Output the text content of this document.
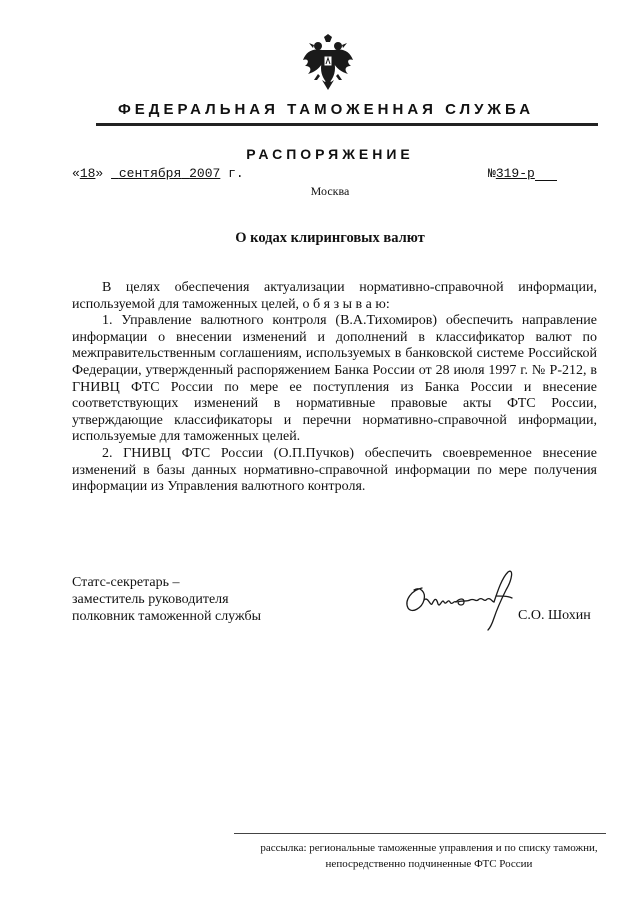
ФЕДЕРАЛЬНАЯ ТАМОЖЕННАЯ СЛУЖБА
РАСПОРЯЖЕНИЕ
«18» сентября 2007 г.	№319-р
Москва
О кодах клиринговых валют

В целях обеспечения актуализации нормативно-справочной информации, используемой для таможенных целей, о б я з ы в а ю:

1. Управление валютного контроля (В.А.Тихомиров) обеспечить направление информации о внесении изменений и дополнений в классификатор валют по межправительственным соглашениям, используемых в банковской системе Российской Федерации, утвержденный распоряжением Банка России от 28 июля 1997 г. № Р-212, в ГНИВЦ ФТС России по мере ее поступления из Банка России и внесение соответствующих изменений в нормативные правовые акты ФТС России, утверждающие классификаторы и перечни нормативно-справочной информации, используемые для таможенных целей.

2. ГНИВЦ ФТС России (О.П.Пучков) обеспечить своевременное внесение изменений в базы данных нормативно-справочной информации по мере получения информации из Управления валютного контроля.

Статс-секретарь –
заместитель руководителя
полковник таможенной службы	С.О. Шохин
рассылка: региональные таможенные управления и по списку таможни,
непосредственно подчиненные ФТС России
